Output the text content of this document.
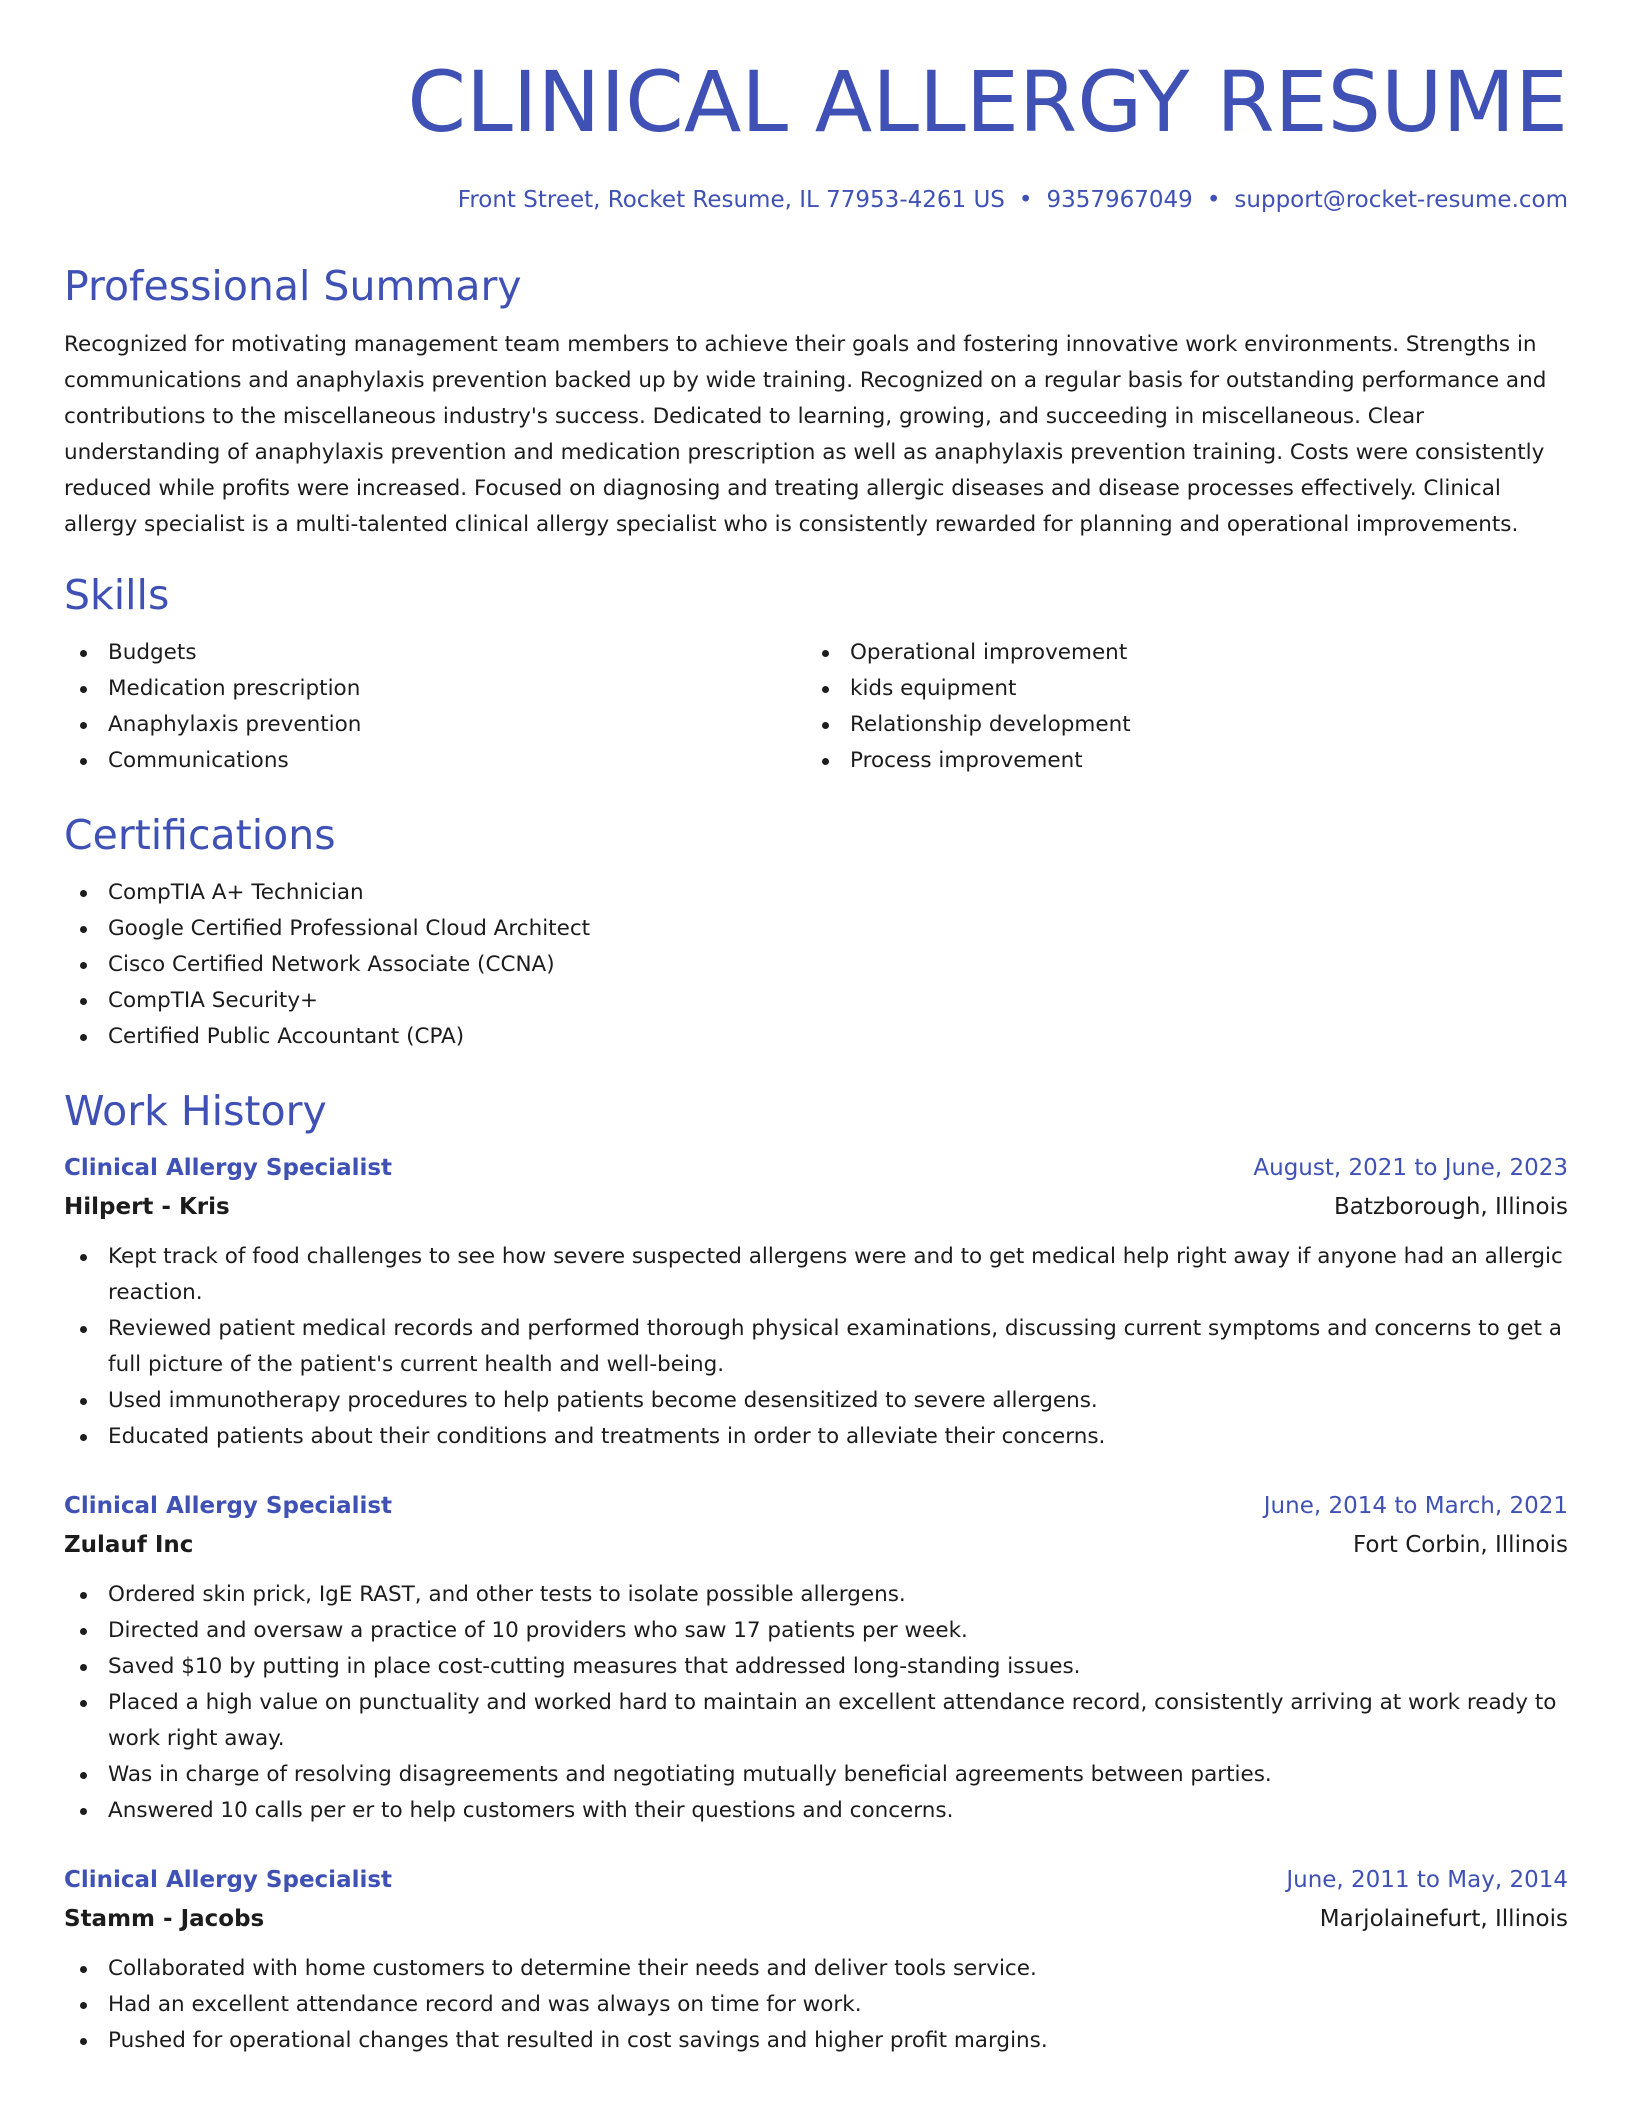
CLINICAL ALLERGY RESUME
Front Street, Rocket Resume, IL 77953-4261 US • 9357967049 • support@rocket-resume.com
Professional Summary

Recognized for motivating management team members to achieve their goals and fostering innovative work environments. Strengths in communications and anaphylaxis prevention backed up by wide training. Recognized on a regular basis for outstanding performance and contributions to the miscellaneous industry's success. Dedicated to learning, growing, and succeeding in miscellaneous. Clear understanding of anaphylaxis prevention and medication prescription as well as anaphylaxis prevention training. Costs were consistently reduced while profits were increased. Focused on diagnosing and treating allergic diseases and disease processes effectively. Clinical allergy specialist is a multi-talented clinical allergy specialist who is consistently rewarded for planning and operational improvements.

Skills
Budgets
Medication prescription
Anaphylaxis prevention
Communications
Operational improvement
kids equipment
Relationship development
Process improvement
Certifications
CompTIA A+ Technician
Google Certified Professional Cloud Architect
Cisco Certified Network Associate (CCNA)
CompTIA Security+
Certified Public Accountant (CPA)
Work History
Clinical Allergy Specialist	August, 2021 to June, 2023
Hilpert - Kris	Batzborough, Illinois
Kept track of food challenges to see how severe suspected allergens were and to get medical help right away if anyone had an allergic reaction.
Reviewed patient medical records and performed thorough physical examinations, discussing current symptoms and concerns to get a full picture of the patient's current health and well-being.
Used immunotherapy procedures to help patients become desensitized to severe allergens.
Educated patients about their conditions and treatments in order to alleviate their concerns.
Clinical Allergy Specialist	June, 2014 to March, 2021
Zulauf Inc	Fort Corbin, Illinois
Ordered skin prick, IgE RAST, and other tests to isolate possible allergens.
Directed and oversaw a practice of 10 providers who saw 17 patients per week.
Saved $10 by putting in place cost-cutting measures that addressed long-standing issues.
Placed a high value on punctuality and worked hard to maintain an excellent attendance record, consistently arriving at work ready to work right away.
Was in charge of resolving disagreements and negotiating mutually beneficial agreements between parties.
Answered 10 calls per er to help customers with their questions and concerns.
Clinical Allergy Specialist	June, 2011 to May, 2014
Stamm - Jacobs	Marjolainefurt, Illinois
Collaborated with home customers to determine their needs and deliver tools service.
Had an excellent attendance record and was always on time for work.
Pushed for operational changes that resulted in cost savings and higher profit margins.
